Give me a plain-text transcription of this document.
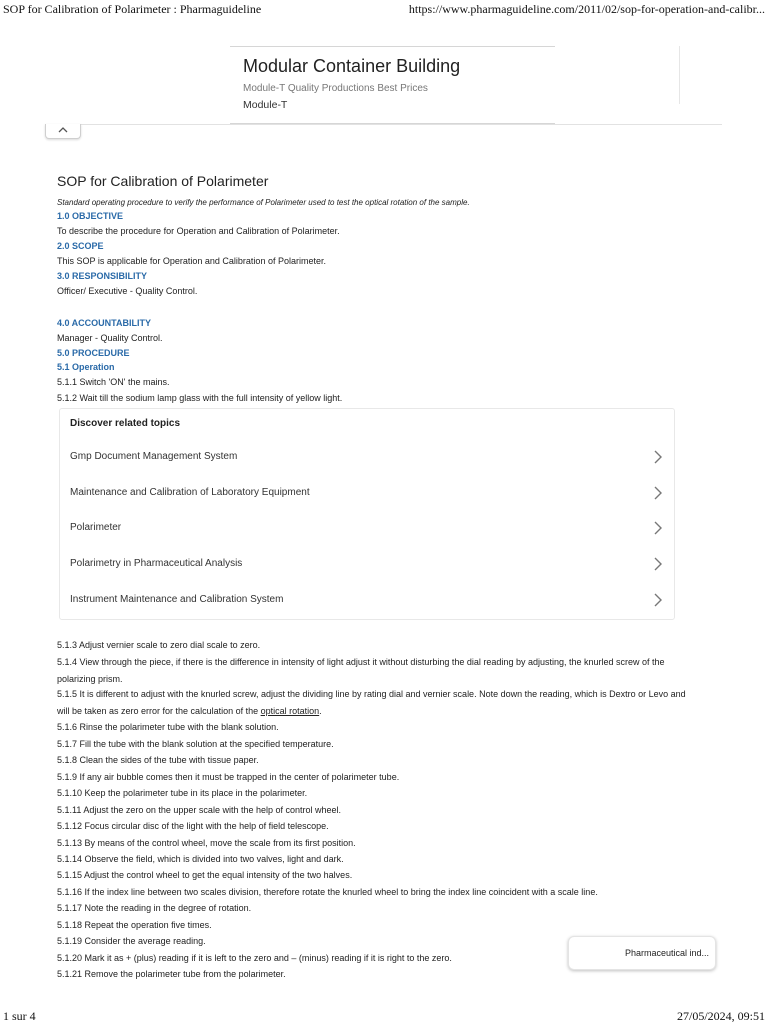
SOP for Calibration of Polarimeter : Pharmaguideline	https://www.pharmaguideline.com/2011/02/sop-for-operation-and-calibr...
Modular Container Building
Module-T Quality Productions Best Prices
Module-T
SOP for Calibration of Polarimeter
Standard operating procedure to verify the performance of Polarimeter used to test the optical rotation of the sample.
1.0 OBJECTIVE
To describe the procedure for Operation and Calibration of Polarimeter.
2.0 SCOPE
This SOP is applicable for Operation and Calibration of Polarimeter.
3.0 RESPONSIBILITY
Officer/ Executive - Quality Control.
4.0 ACCOUNTABILITY
Manager - Quality Control.
5.0 PROCEDURE
5.1 Operation
5.1.1 Switch 'ON' the mains.
5.1.2 Wait till the sodium lamp glass with the full intensity of yellow light.
Discover related topics
Gmp Document Management System
Maintenance and Calibration of Laboratory Equipment
Polarimeter
Polarimetry in Pharmaceutical Analysis
Instrument Maintenance and Calibration System
5.1.3 Adjust vernier scale to zero dial scale to zero.
5.1.4 View through the piece, if there is the difference in intensity of light adjust it without disturbing the dial reading by adjusting, the knurled screw of the polarizing prism.
5.1.5 It is different to adjust with the knurled screw, adjust the dividing line by rating dial and vernier scale. Note down the reading, which is Dextro or Levo and will be taken as zero error for the calculation of the optical rotation.
5.1.6 Rinse the polarimeter tube with the blank solution.
5.1.7 Fill the tube with the blank solution at the specified temperature.
5.1.8 Clean the sides of the tube with tissue paper.
5.1.9 If any air bubble comes then it must be trapped in the center of polarimeter tube.
5.1.10 Keep the polarimeter tube in its place in the polarimeter.
5.1.11 Adjust the zero on the upper scale with the help of control wheel.
5.1.12 Focus circular disc of the light with the help of field telescope.
5.1.13 By means of the control wheel, move the scale from its first position.
5.1.14 Observe the field, which is divided into two valves, light and dark.
5.1.15 Adjust the control wheel to get the equal intensity of the two halves.
5.1.16 If the index line between two scales division, therefore rotate the knurled wheel to bring the index line coincident with a scale line.
5.1.17 Note the reading in the degree of rotation.
5.1.18 Repeat the operation five times.
5.1.19 Consider the average reading.
5.1.20 Mark it as + (plus) reading if it is left to the zero and – (minus) reading if it is right to the zero.
5.1.21 Remove the polarimeter tube from the polarimeter.
Pharmaceutical ind...
1 sur 4	27/05/2024, 09:51
